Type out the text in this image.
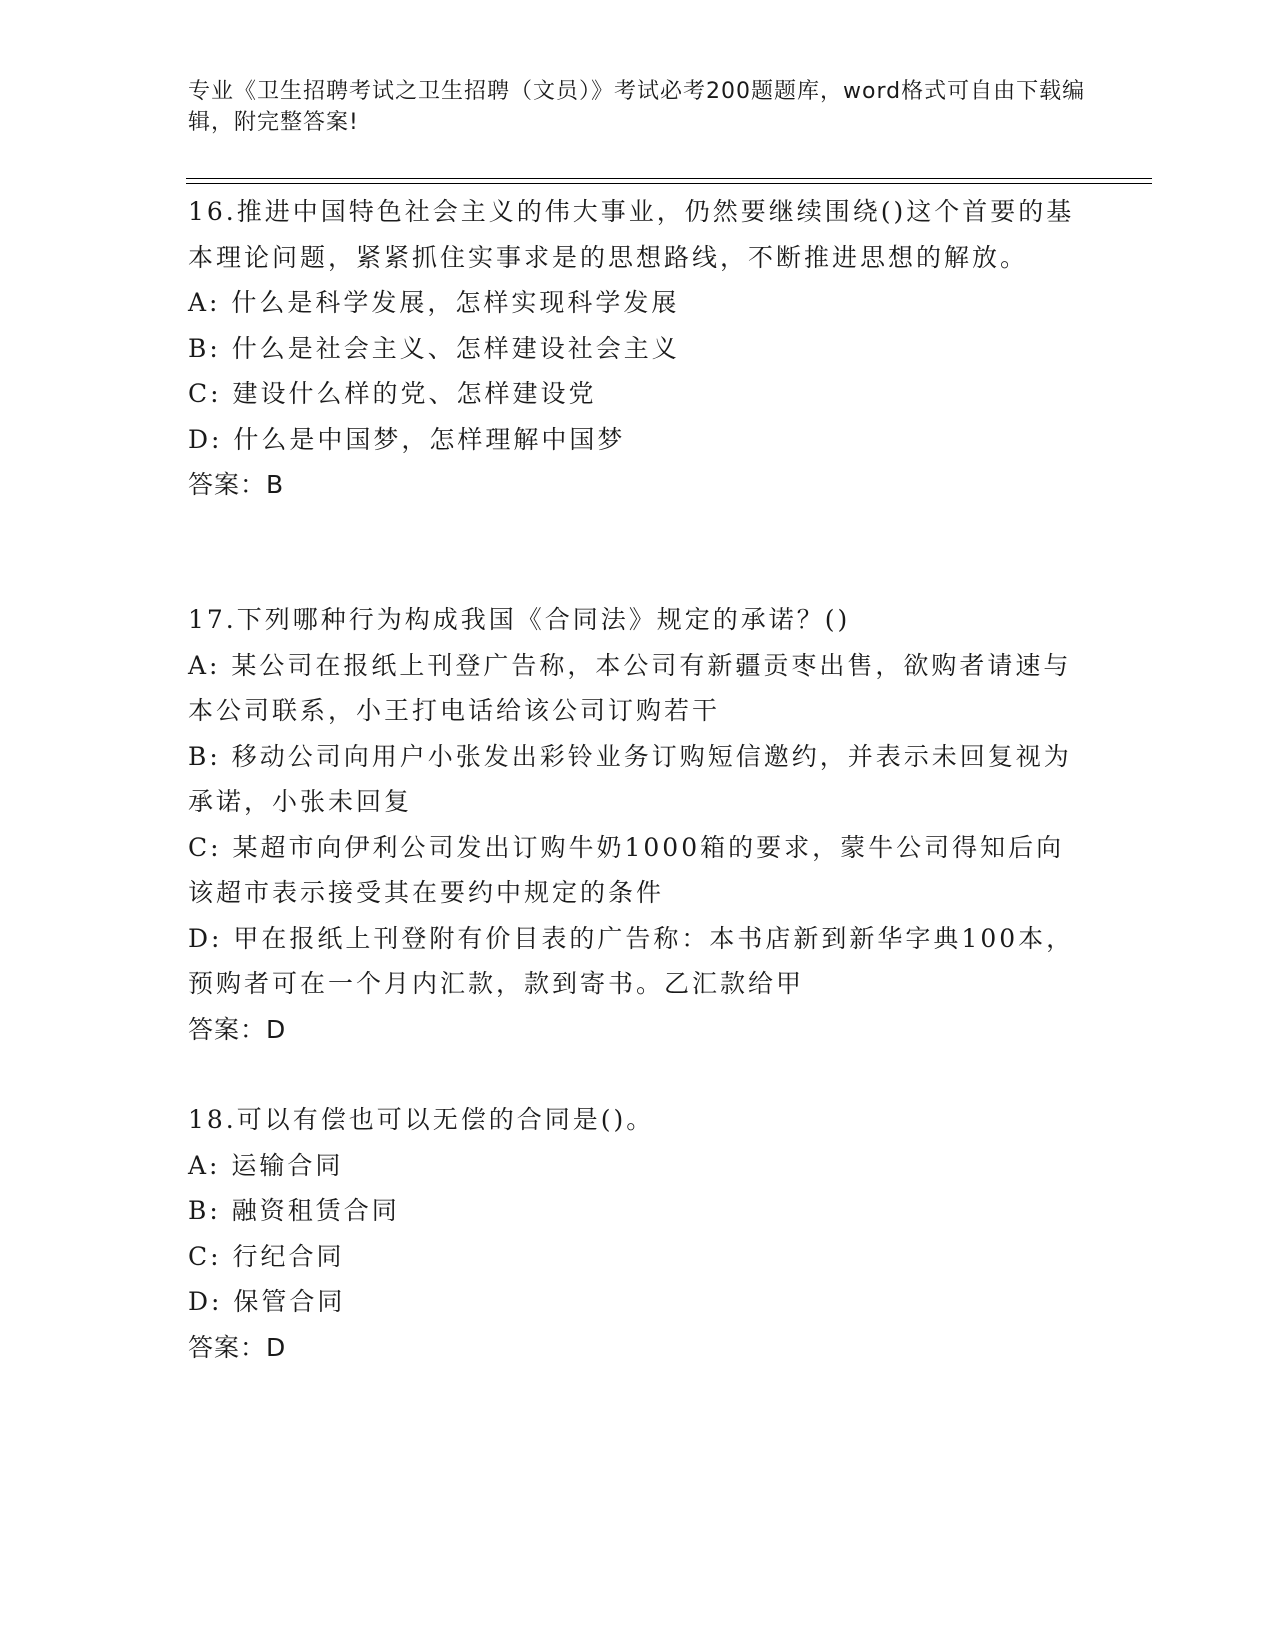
专业《卫生招聘考试之卫生招聘（文员）》考试必考200题题库，word格式可自由下载编辑，附完整答案!
16.推进中国特色社会主义的伟大事业，仍然要继续围绕()这个首要的基本理论问题，紧紧抓住实事求是的思想路线，不断推进思想的解放。
A: 什么是科学发展，怎样实现科学发展
B: 什么是社会主义、怎样建设社会主义
C: 建设什么样的党、怎样建设党
D: 什么是中国梦，怎样理解中国梦
答案：B
17.下列哪种行为构成我国《合同法》规定的承诺？()
A: 某公司在报纸上刊登广告称，本公司有新疆贡枣出售，欲购者请速与本公司联系，小王打电话给该公司订购若干
B: 移动公司向用户小张发出彩铃业务订购短信邀约，并表示未回复视为承诺，小张未回复
C: 某超市向伊利公司发出订购牛奶1000箱的要求，蒙牛公司得知后向该超市表示接受其在要约中规定的条件
D: 甲在报纸上刊登附有价目表的广告称：本书店新到新华字典100本，预购者可在一个月内汇款，款到寄书。乙汇款给甲
答案：D
18.可以有偿也可以无偿的合同是()。
A: 运输合同
B: 融资租赁合同
C: 行纪合同
D: 保管合同
答案：D
